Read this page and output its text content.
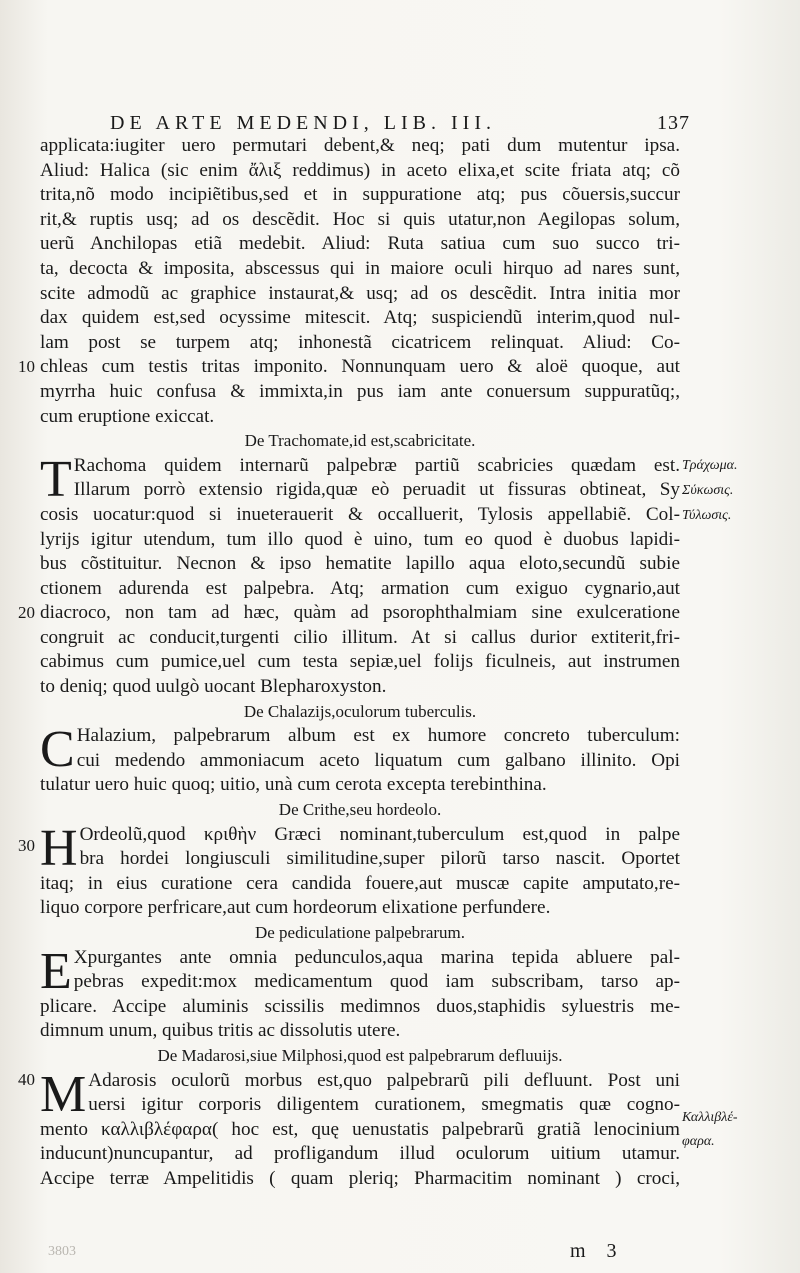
DE ARTE MEDENDI, LIB. III.	137
10
20
30
40
Τράχωμα.
Σύκωσις.
Τύλωσις.
Καλλιβλέ-
φαρα.
applicata:iugiter uero permutari debent,& neq; pati dum mutentur ipsa.
Aliud: Halica (sic enim ἄλιξ reddimus) in aceto elixa,et scite friata atq; cõ
trita,nõ modo incipiẽtibus,sed et in suppuratione atq; pus cõuersis,succur
rit,& ruptis usq; ad os descẽdit. Hoc si quis utatur,non Aegilopas solum,
uerũ Anchilopas etiã medebit. Aliud: Ruta satiua cum suo succo tri-
ta, decocta & imposita, abscessus qui in maiore oculi hirquo ad nares sunt,
scite admodũ ac graphice instaurat,& usq; ad os descẽdit. Intra initia mor
dax quidem est,sed ocyssime mitescit. Atq; suspiciendũ interim,quod nul-
lam post se turpem atq; inhonestã cicatricem relinquat. Aliud: Co-
chleas cum testis tritas imponito. Nonnunquam uero & aloë quoque, aut
myrrha huic confusa & immixta,in pus iam ante conuersum suppuratũq;,
cum eruptione exiccat.
De Trachomate,id est,scabricitate.
T Rachoma quidem internarũ palpebræ partiũ scabricies quædam est.
Illarum porrò extensio rigida,quæ eò peruadit ut fissuras obtineat, Sy
cosis uocatur:quod si inueterauerit & occalluerit, Tylosis appellabiẽ. Col-
lyrijs igitur utendum, tum illo quod è uino, tum eo quod è duobus lapidi-
bus cõstituitur. Necnon & ipso hematite lapillo aqua eloto,secundũ subie
ctionem adurenda est palpebra. Atq; armation cum exiguo cygnario,aut
diacroco, non tam ad hæc, quàm ad psorophthalmiam sine exulceratione
congruit ac conducit,turgenti cilio illitum. At si callus durior extiterit,fri-
cabimus cum pumice,uel cum testa sepiæ,uel folijs ficulneis, aut instrumen
to deniq; quod uulgò uocant Blepharoxyston.
De Chalazijs,oculorum tuberculis.
C Halazium, palpebrarum album est ex humore concreto tuberculum:
cui medendo ammoniacum aceto liquatum cum galbano illinito. Opi
tulatur uero huic quoq; uitio, unà cum cerota excepta terebinthina.
De Crithe,seu hordeolo.
H Ordeolũ,quod κριθὴν Græci nominant,tuberculum est,quod in palpe
bra hordei longiusculi similitudine,super pilorũ tarso nascit. Oportet
itaq; in eius curatione cera candida fouere,aut muscæ capite amputato,re-
liquo corpore perfricare,aut cum hordeorum elixatione perfundere.
De pediculatione palpebrarum.
E Xpurgantes ante omnia pedunculos,aqua marina tepida abluere pal-
pebras expedit:mox medicamentum quod iam subscribam, tarso ap-
plicare. Accipe aluminis scissilis medimnos duos,staphidis syluestris me-
dimnum unum, quibus tritis ac dissolutis utere.
De Madarosi,siue Milphosi,quod est palpebrarum defluuijs.
M Adarosis oculorũ morbus est,quo palpebrarũ pili defluunt. Post uni
uersi igitur corporis diligentem curationem, smegmatis quæ cogno-
mento καλλιβλέφαρα( hoc est, quę uenustatis palpebrarũ gratiã lenocinium
inducunt)nuncupantur, ad profligandum illud oculorum uitium utamur.
Accipe terræ Ampelitidis ( quam pleriq; Pharmacitim nominant ) croci,
m 3
3803
